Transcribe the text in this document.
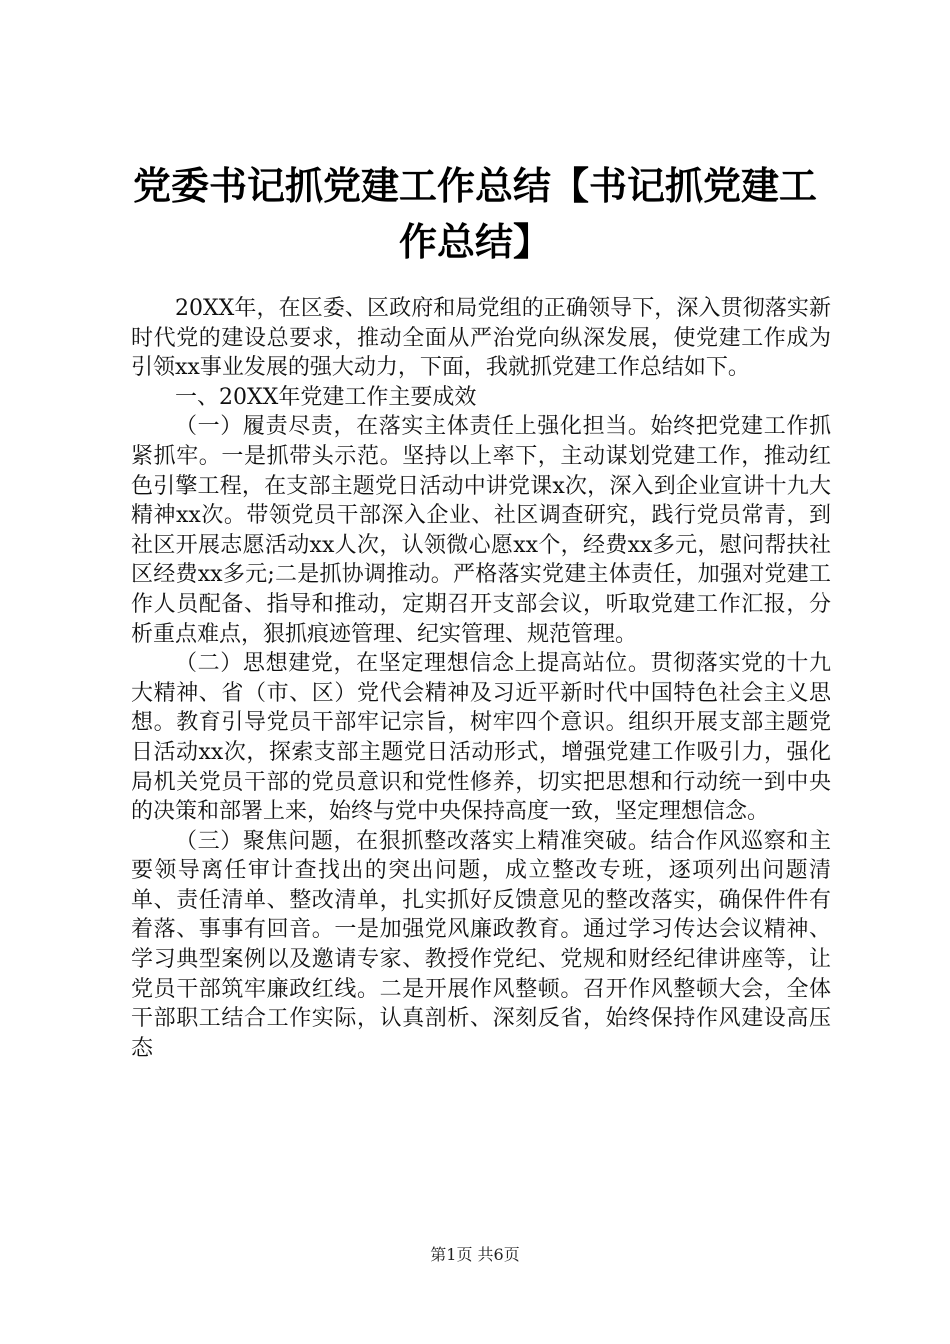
党委书记抓党建工作总结【书记抓党建工作总结】

20XX年，在区委、区政府和局党组的正确领导下，深入贯彻落实新时代党的建设总要求，推动全面从严治党向纵深发展，使党建工作成为引领xx事业发展的强大动力，下面，我就抓党建工作总结如下。

一、20XX年党建工作主要成效

（一）履责尽责，在落实主体责任上强化担当。始终把党建工作抓紧抓牢。一是抓带头示范。坚持以上率下，主动谋划党建工作，推动红色引擎工程，在支部主题党日活动中讲党课x次，深入到企业宣讲十九大精神xx次。带领党员干部深入企业、社区调查研究，践行党员常青，到社区开展志愿活动xx人次，认领微心愿xx个，经费xx多元，慰问帮扶社区经费xx多元;二是抓协调推动。严格落实党建主体责任，加强对党建工作人员配备、指导和推动，定期召开支部会议，听取党建工作汇报，分析重点难点，狠抓痕迹管理、纪实管理、规范管理。

（二）思想建党，在坚定理想信念上提高站位。贯彻落实党的十九大精神、省（市、区）党代会精神及习近平新时代中国特色社会主义思想。教育引导党员干部牢记宗旨，树牢四个意识。组织开展支部主题党日活动xx次，探索支部主题党日活动形式，增强党建工作吸引力，强化局机关党员干部的党员意识和党性修养，切实把思想和行动统一到中央的决策和部署上来，始终与党中央保持高度一致，坚定理想信念。

（三）聚焦问题，在狠抓整改落实上精准突破。结合作风巡察和主要领导离任审计查找出的突出问题，成立整改专班，逐项列出问题清单、责任清单、整改清单，扎实抓好反馈意见的整改落实，确保件件有着落、事事有回音。一是加强党风廉政教育。通过学习传达会议精神、学习典型案例以及邀请专家、教授作党纪、党规和财经纪律讲座等，让党员干部筑牢廉政红线。二是开展作风整顿。召开作风整顿大会，全体干部职工结合工作实际，认真剖析、深刻反省，始终保持作风建设高压态

第1页 共6页
